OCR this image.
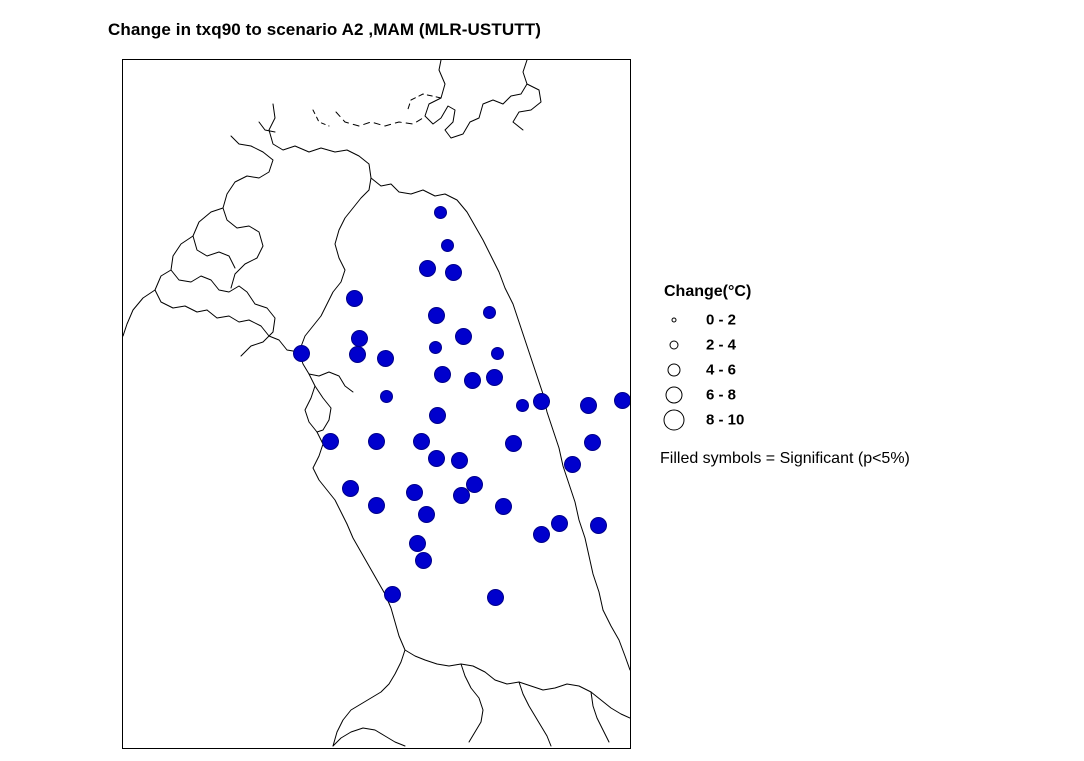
Change in txq90 to scenario A2 ,MAM (MLR-USTUTT)
Change(°C)
0 - 2
2 - 4
4 - 6
6 - 8
8 - 10
Filled symbols = Significant (p<5%)
